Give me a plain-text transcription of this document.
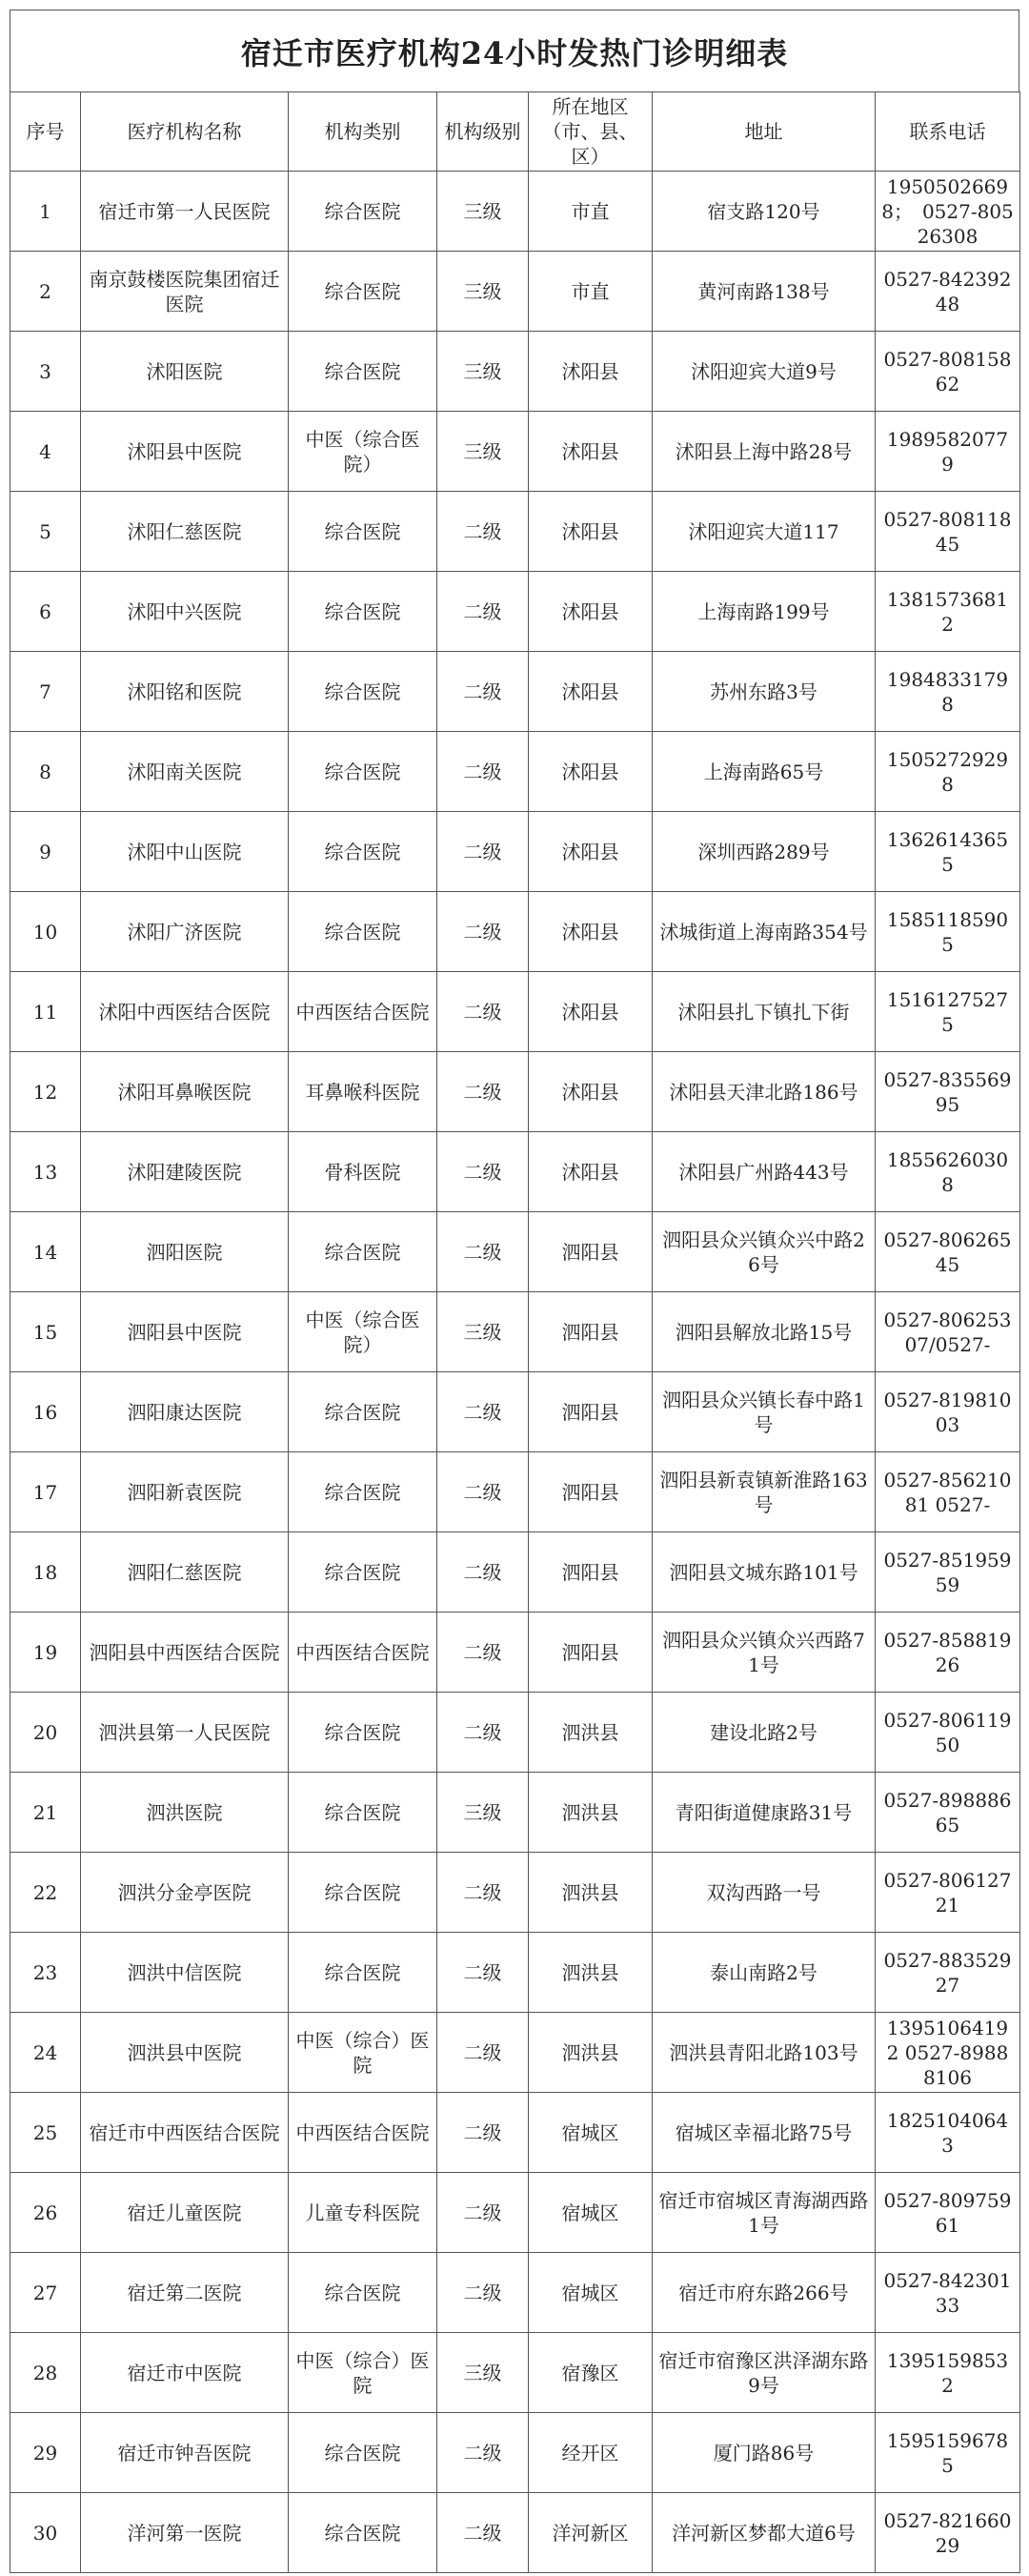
宿迁市医疗机构24小时发热门诊明细表
序号	医疗机构名称	机构类别	机构级别	所在地区（市、县、区）	地址	联系电话
1	宿迁市第一人民医院	综合医院	三级	市直	宿支路120号	19505026698；　0527-80526308
2	南京鼓楼医院集团宿迁医院	综合医院	三级	市直	黄河南路138号	0527-84239248
3	沭阳医院	综合医院	三级	沭阳县	沭阳迎宾大道9号	0527-80815862
4	沭阳县中医院	中医（综合医院）	三级	沭阳县	沭阳县上海中路28号	19895820779
5	沭阳仁慈医院	综合医院	二级	沭阳县	沭阳迎宾大道117	0527-80811845
6	沭阳中兴医院	综合医院	二级	沭阳县	上海南路199号	13815736812
7	沭阳铭和医院	综合医院	二级	沭阳县	苏州东路3号	19848331798
8	沭阳南关医院	综合医院	二级	沭阳县	上海南路65号	15052729298
9	沭阳中山医院	综合医院	二级	沭阳县	深圳西路289号	13626143655
10	沭阳广济医院	综合医院	二级	沭阳县	沭城街道上海南路354号	15851185905
11	沭阳中西医结合医院	中西医结合医院	二级	沭阳县	沭阳县扎下镇扎下街	15161275275
12	沭阳耳鼻喉医院	耳鼻喉科医院	二级	沭阳县	沭阳县天津北路186号	0527-83556995
13	沭阳建陵医院	骨科医院	二级	沭阳县	沭阳县广州路443号	18556260308
14	泗阳医院	综合医院	二级	泗阳县	泗阳县众兴镇众兴中路26号	0527-80626545
15	泗阳县中医院	中医（综合医院）	三级	泗阳县	泗阳县解放北路15号	0527-80625307/0527-
16	泗阳康达医院	综合医院	二级	泗阳县	泗阳县众兴镇长春中路1号	0527-81981003
17	泗阳新袁医院	综合医院	二级	泗阳县	泗阳县新袁镇新淮路163号	0527-85621081 0527-
18	泗阳仁慈医院	综合医院	二级	泗阳县	泗阳县文城东路101号	0527-85195959
19	泗阳县中西医结合医院	中西医结合医院	二级	泗阳县	泗阳县众兴镇众兴西路71号	0527-85881926
20	泗洪县第一人民医院	综合医院	二级	泗洪县	建设北路2号	0527-80611950
21	泗洪医院	综合医院	三级	泗洪县	青阳街道健康路31号	0527-89888665
22	泗洪分金亭医院	综合医院	二级	泗洪县	双沟西路一号	0527-80612721
23	泗洪中信医院	综合医院	二级	泗洪县	泰山南路2号	0527-88352927
24	泗洪县中医院	中医（综合）医院	二级	泗洪县	泗洪县青阳北路103号	13951064192 0527-89888106
25	宿迁市中西医结合医院	中西医结合医院	二级	宿城区	宿城区幸福北路75号	18251040643
26	宿迁儿童医院	儿童专科医院	二级	宿城区	宿迁市宿城区青海湖西路1号	0527-80975961
27	宿迁第二医院	综合医院	二级	宿城区	宿迁市府东路266号	0527-84230133
28	宿迁市中医院	中医（综合）医院	三级	宿豫区	宿迁市宿豫区洪泽湖东路9号	13951598532
29	宿迁市钟吾医院	综合医院	二级	经开区	厦门路86号	15951596785
30	洋河第一医院	综合医院	二级	洋河新区	洋河新区梦都大道6号	0527-82166029
